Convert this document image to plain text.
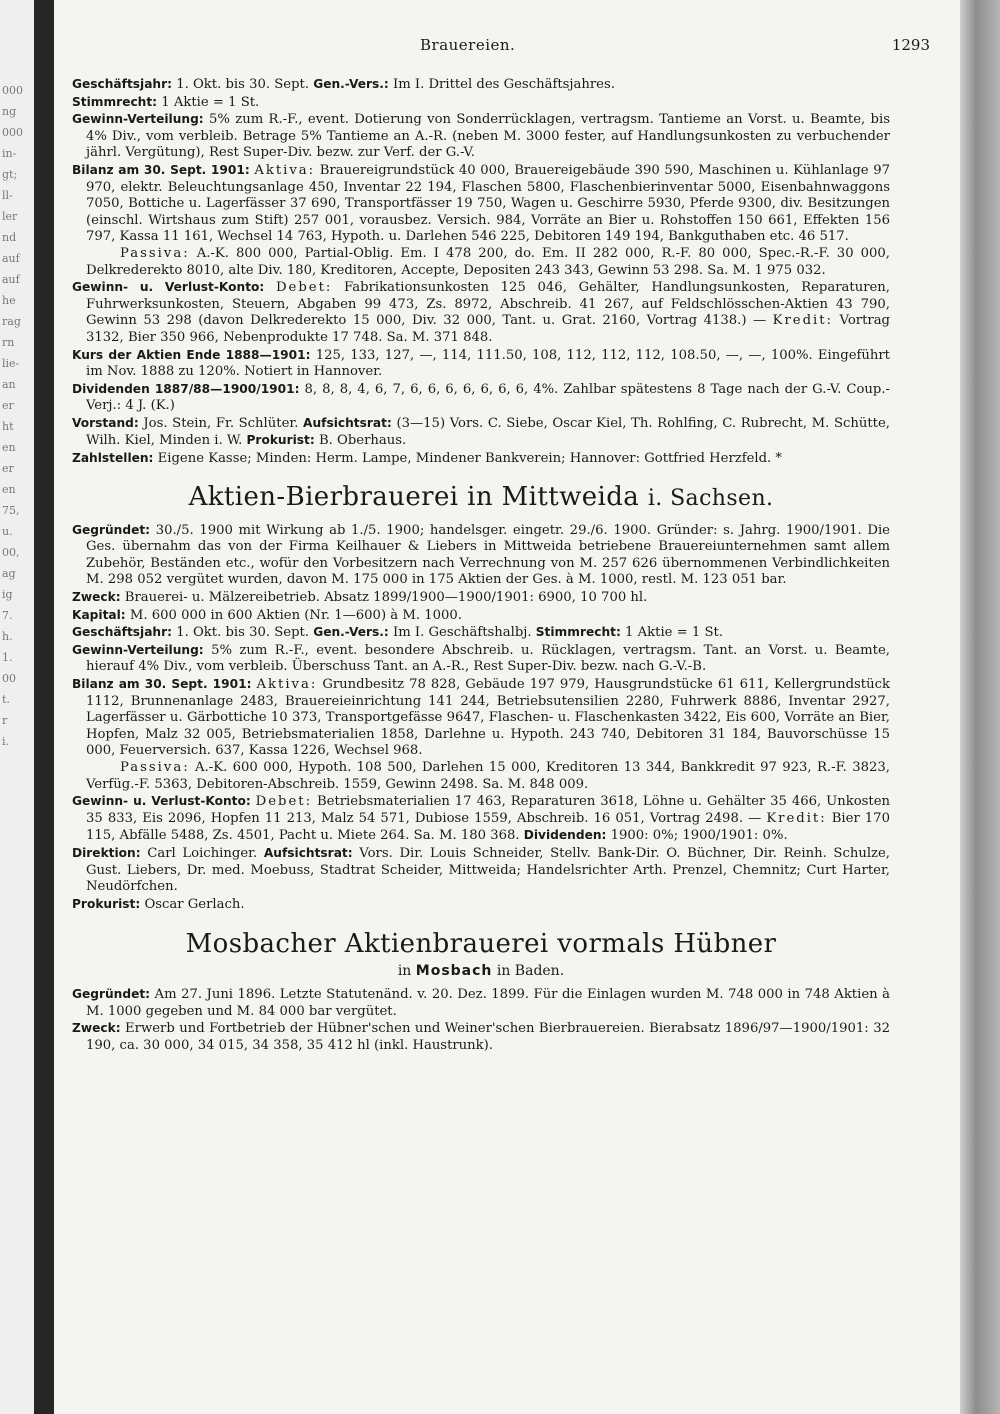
000
ng
000
in-
gt;
ll-
ler
nd
auf
auf
he
rag
rn
lie-
an
er
ht
en
er
en
75,
u.
00,
ag
ig
7.
h.
1.
00
t.
r
i.
Brauereien.	1293

Geschäftsjahr: 1. Okt. bis 30. Sept. Gen.-Vers.: Im I. Drittel des Geschäftsjahres.

Stimmrecht: 1 Aktie = 1 St.

Gewinn-Verteilung: 5% zum R.-F., event. Dotierung von Sonderrücklagen, vertragsm. Tantieme an Vorst. u. Beamte, bis 4% Div., vom verbleib. Betrage 5% Tantieme an A.-R. (neben M. 3000 fester, auf Handlungsunkosten zu verbuchender jährl. Vergütung), Rest Super-Div. bezw. zur Verf. der G.-V.

Bilanz am 30. Sept. 1901: Aktiva: Brauereigrundstück 40 000, Brauereigebäude 390 590, Maschinen u. Kühlanlage 97 970, elektr. Beleuchtungsanlage 450, Inventar 22 194, Flaschen 5800, Flaschenbierinventar 5000, Eisenbahnwaggons 7050, Bottiche u. Lagerfässer 37 690, Transportfässer 19 750, Wagen u. Geschirre 5930, Pferde 9300, div. Besitzungen (einschl. Wirtshaus zum Stift) 257 001, vorausbez. Versich. 984, Vorräte an Bier u. Rohstoffen 150 661, Effekten 156 797, Kassa 11 161, Wechsel 14 763, Hypoth. u. Darlehen 546 225, Debitoren 149 194, Bankguthaben etc. 46 517.

Passiva: A.-K. 800 000, Partial-Oblig. Em. I 478 200, do. Em. II 282 000, R.-F. 80 000, Spec.-R.-F. 30 000, Delkrederekto 8010, alte Div. 180, Kreditoren, Accepte, Depositen 243 343, Gewinn 53 298. Sa. M. 1 975 032.

Gewinn- u. Verlust-Konto: Debet: Fabrikationsunkosten 125 046, Gehälter, Handlungsunkosten, Reparaturen, Fuhrwerksunkosten, Steuern, Abgaben 99 473, Zs. 8972, Abschreib. 41 267, auf Feldschlösschen-Aktien 43 790, Gewinn 53 298 (davon Delkrederekto 15 000, Div. 32 000, Tant. u. Grat. 2160, Vortrag 4138.) — Kredit: Vortrag 3132, Bier 350 966, Nebenprodukte 17 748. Sa. M. 371 848.

Kurs der Aktien Ende 1888—1901: 125, 133, 127, —, 114, 111.50, 108, 112, 112, 112, 108.50, —, —, 100%. Eingeführt im Nov. 1888 zu 120%. Notiert in Hannover.

Dividenden 1887/88—1900/1901: 8, 8, 8, 4, 6, 7, 6, 6, 6, 6, 6, 6, 6, 4%. Zahlbar spätestens 8 Tage nach der G.-V. Coup.-Verj.: 4 J. (K.)

Vorstand: Jos. Stein, Fr. Schlüter. Aufsichtsrat: (3—15) Vors. C. Siebe, Oscar Kiel, Th. Rohlfing, C. Rubrecht, M. Schütte, Wilh. Kiel, Minden i. W. Prokurist: B. Oberhaus.

Zahlstellen: Eigene Kasse; Minden: Herm. Lampe, Mindener Bankverein; Hannover: Gottfried Herzfeld. *

Aktien-Bierbrauerei in Mittweida i. Sachsen.

Gegründet: 30./5. 1900 mit Wirkung ab 1./5. 1900; handelsger. eingetr. 29./6. 1900. Gründer: s. Jahrg. 1900/1901. Die Ges. übernahm das von der Firma Keilhauer & Liebers in Mittweida betriebene Brauereiunternehmen samt allem Zubehör, Beständen etc., wofür den Vorbesitzern nach Verrechnung von M. 257 626 übernommenen Verbindlichkeiten M. 298 052 vergütet wurden, davon M. 175 000 in 175 Aktien der Ges. à M. 1000, restl. M. 123 051 bar.

Zweck: Brauerei- u. Mälzereibetrieb. Absatz 1899/1900—1900/1901: 6900, 10 700 hl.

Kapital: M. 600 000 in 600 Aktien (Nr. 1—600) à M. 1000.

Geschäftsjahr: 1. Okt. bis 30. Sept. Gen.-Vers.: Im I. Geschäftshalbj. Stimmrecht: 1 Aktie = 1 St.

Gewinn-Verteilung: 5% zum R.-F., event. besondere Abschreib. u. Rücklagen, vertragsm. Tant. an Vorst. u. Beamte, hierauf 4% Div., vom verbleib. Überschuss Tant. an A.-R., Rest Super-Div. bezw. nach G.-V.-B.

Bilanz am 30. Sept. 1901: Aktiva: Grundbesitz 78 828, Gebäude 197 979, Hausgrundstücke 61 611, Kellergrundstück 1112, Brunnenanlage 2483, Brauereieinrichtung 141 244, Betriebsutensilien 2280, Fuhrwerk 8886, Inventar 2927, Lagerfässer u. Gärbottiche 10 373, Transportgefässe 9647, Flaschen- u. Flaschenkasten 3422, Eis 600, Vorräte an Bier, Hopfen, Malz 32 005, Betriebsmaterialien 1858, Darlehne u. Hypoth. 243 740, Debitoren 31 184, Bauvorschüsse 15 000, Feuerversich. 637, Kassa 1226, Wechsel 968.

Passiva: A.-K. 600 000, Hypoth. 108 500, Darlehen 15 000, Kreditoren 13 344, Bankkredit 97 923, R.-F. 3823, Verfüg.-F. 5363, Debitoren-Abschreib. 1559, Gewinn 2498. Sa. M. 848 009.

Gewinn- u. Verlust-Konto: Debet: Betriebsmaterialien 17 463, Reparaturen 3618, Löhne u. Gehälter 35 466, Unkosten 35 833, Eis 2096, Hopfen 11 213, Malz 54 571, Dubiose 1559, Abschreib. 16 051, Vortrag 2498. — Kredit: Bier 170 115, Abfälle 5488, Zs. 4501, Pacht u. Miete 264. Sa. M. 180 368. Dividenden: 1900: 0%; 1900/1901: 0%.

Direktion: Carl Loichinger. Aufsichtsrat: Vors. Dir. Louis Schneider, Stellv. Bank-Dir. O. Büchner, Dir. Reinh. Schulze, Gust. Liebers, Dr. med. Moebuss, Stadtrat Scheider, Mittweida; Handelsrichter Arth. Prenzel, Chemnitz; Curt Harter, Neudörfchen.

Prokurist: Oscar Gerlach.

Mosbacher Aktienbrauerei vormals Hübner
in Mosbach in Baden.

Gegründet: Am 27. Juni 1896. Letzte Statutenänd. v. 20. Dez. 1899. Für die Einlagen wurden M. 748 000 in 748 Aktien à M. 1000 gegeben und M. 84 000 bar vergütet.

Zweck: Erwerb und Fortbetrieb der Hübner'schen und Weiner'schen Bierbrauereien. Bierabsatz 1896/97—1900/1901: 32 190, ca. 30 000, 34 015, 34 358, 35 412 hl (inkl. Haustrunk).
